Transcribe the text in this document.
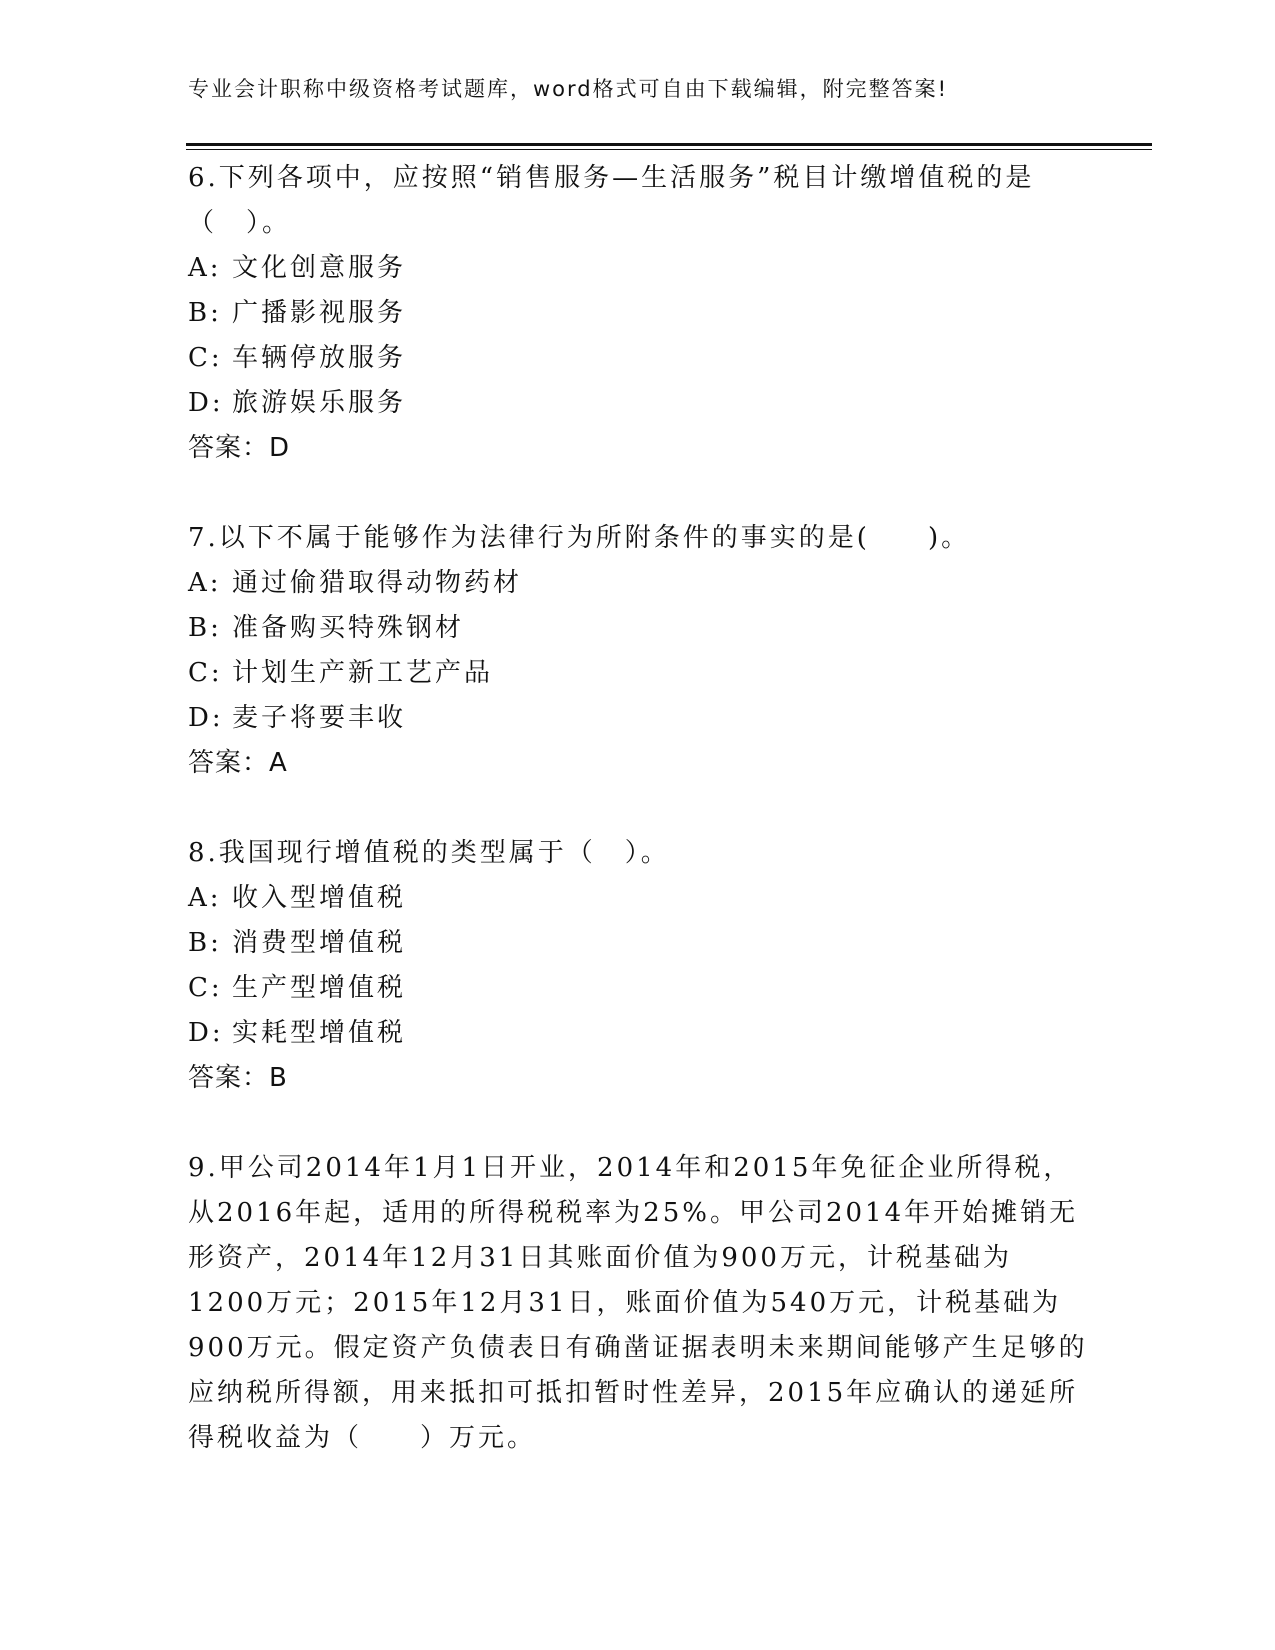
专业会计职称中级资格考试题库，word格式可自由下载编辑，附完整答案!
6.下列各项中，应按照“销售服务—生活服务”税目计缴增值税的是（　）。
A: 文化创意服务
B: 广播影视服务
C: 车辆停放服务
D: 旅游娱乐服务
答案：D
7.以下不属于能够作为法律行为所附条件的事实的是(　　)。
A: 通过偷猎取得动物药材
B: 准备购买特殊钢材
C: 计划生产新工艺产品
D: 麦子将要丰收
答案：A
8.我国现行增值税的类型属于（　）。
A: 收入型增值税
B: 消费型增值税
C: 生产型增值税
D: 实耗型增值税
答案：B
9.甲公司2014年1月1日开业，2014年和2015年免征企业所得税，从2016年起，适用的所得税税率为25%。甲公司2014年开始摊销无形资产，2014年12月31日其账面价值为900万元，计税基础为1200万元；2015年12月31日，账面价值为540万元，计税基础为900万元。假定资产负债表日有确凿证据表明未来期间能够产生足够的应纳税所得额，用来抵扣可抵扣暂时性差异，2015年应确认的递延所得税收益为（　　）万元。
